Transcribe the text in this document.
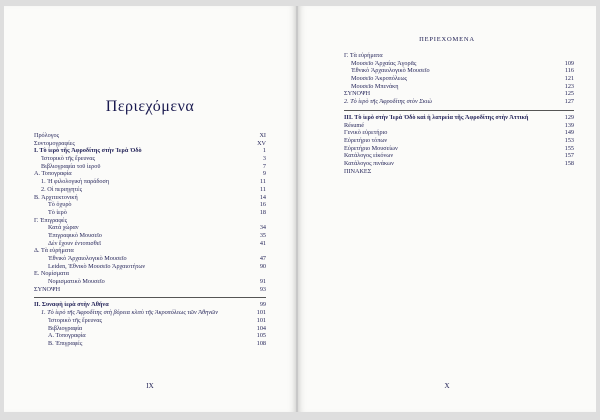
Περιεχόμενα
Πρόλογος	XI
Συντομογραφίες	XV
I. Tὸ ἱερὸ τῆς Ἀφροδίτης στὴν Ἱερὰ Ὁδὸ	1
Ἱστορικὸ τῆς ἔρευνας	3
Βιβλιογραφία τοῦ ἱεροῦ	7
Α. Τοπογραφία	9
1. Ἡ φιλολογικὴ παράδοση	11
2. Οἱ περιηγητές	11
Β. Ἀρχιτεκτονική	14
Τὸ ὀχυρὸ	16
Τὸ ἱερὸ	18
Γ. Ἐπιγραφές
Κατὰ χώραν	34
Ἐπιγραφικὸ Μουσεῖο	35
Δὲν ἔχουν ἐντοπισθεῖ	41
Δ. Τὰ εὑρήματα
Ἐθνικὸ Ἀρχαιολογικὸ Μουσεῖο	47
Leiden, Ἐθνικὸ Μουσεῖο Ἀρχαιοτήτων	90
Ε. Νομίσματα
Νομισματικὸ Μουσεῖο	91
ΣΥΝΟΨΗ	93
II. Συναφὴ ἱερὰ στὴν Ἀθήνα	99
1. Tὸ ἱερὸ τῆς Ἀφροδίτης στὴ βόρεια κλιτὺ τῆς Ἀκροπόλεως τῶν Ἀθηνῶν	101
Ἱστορικὸ τῆς ἔρευνας	101
Βιβλιογραφία	104
Α. Τοπογραφία	105
Β. Ἐπιγραφές	108
IX
ΠΕΡΙΕΧΟΜΕΝΑ
Γ. Τὰ εὑρήματα
Μουσεῖο Ἀρχαίας Ἀγορᾶς	109
Ἐθνικὸ Ἀρχαιολογικὸ Μουσεῖο	116
Μουσεῖο Ἀκροπόλεως	121
Μουσεῖο Μπενάκη	123
ΣΥΝΟΨΗ	125
2. Tὸ ἱερὸ τῆς Ἀφροδίτης στὸν Σκιὼ	127
III. Tὸ ἱερὸ στὴν Ἱερὰ Ὁδὸ καὶ ἡ λατρεία τῆς Ἀφροδίτης στὴν Ἀττική	129
Résumé	139
Γενικὸ εὑρετήριο	149
Εὑρετήριο τόπων	153
Εὑρετήριο Μουσείων	155
Κατάλογος εἰκόνων	157
Κατάλογος πινάκων	158
ΠΙΝΑΚΕΣ
X
